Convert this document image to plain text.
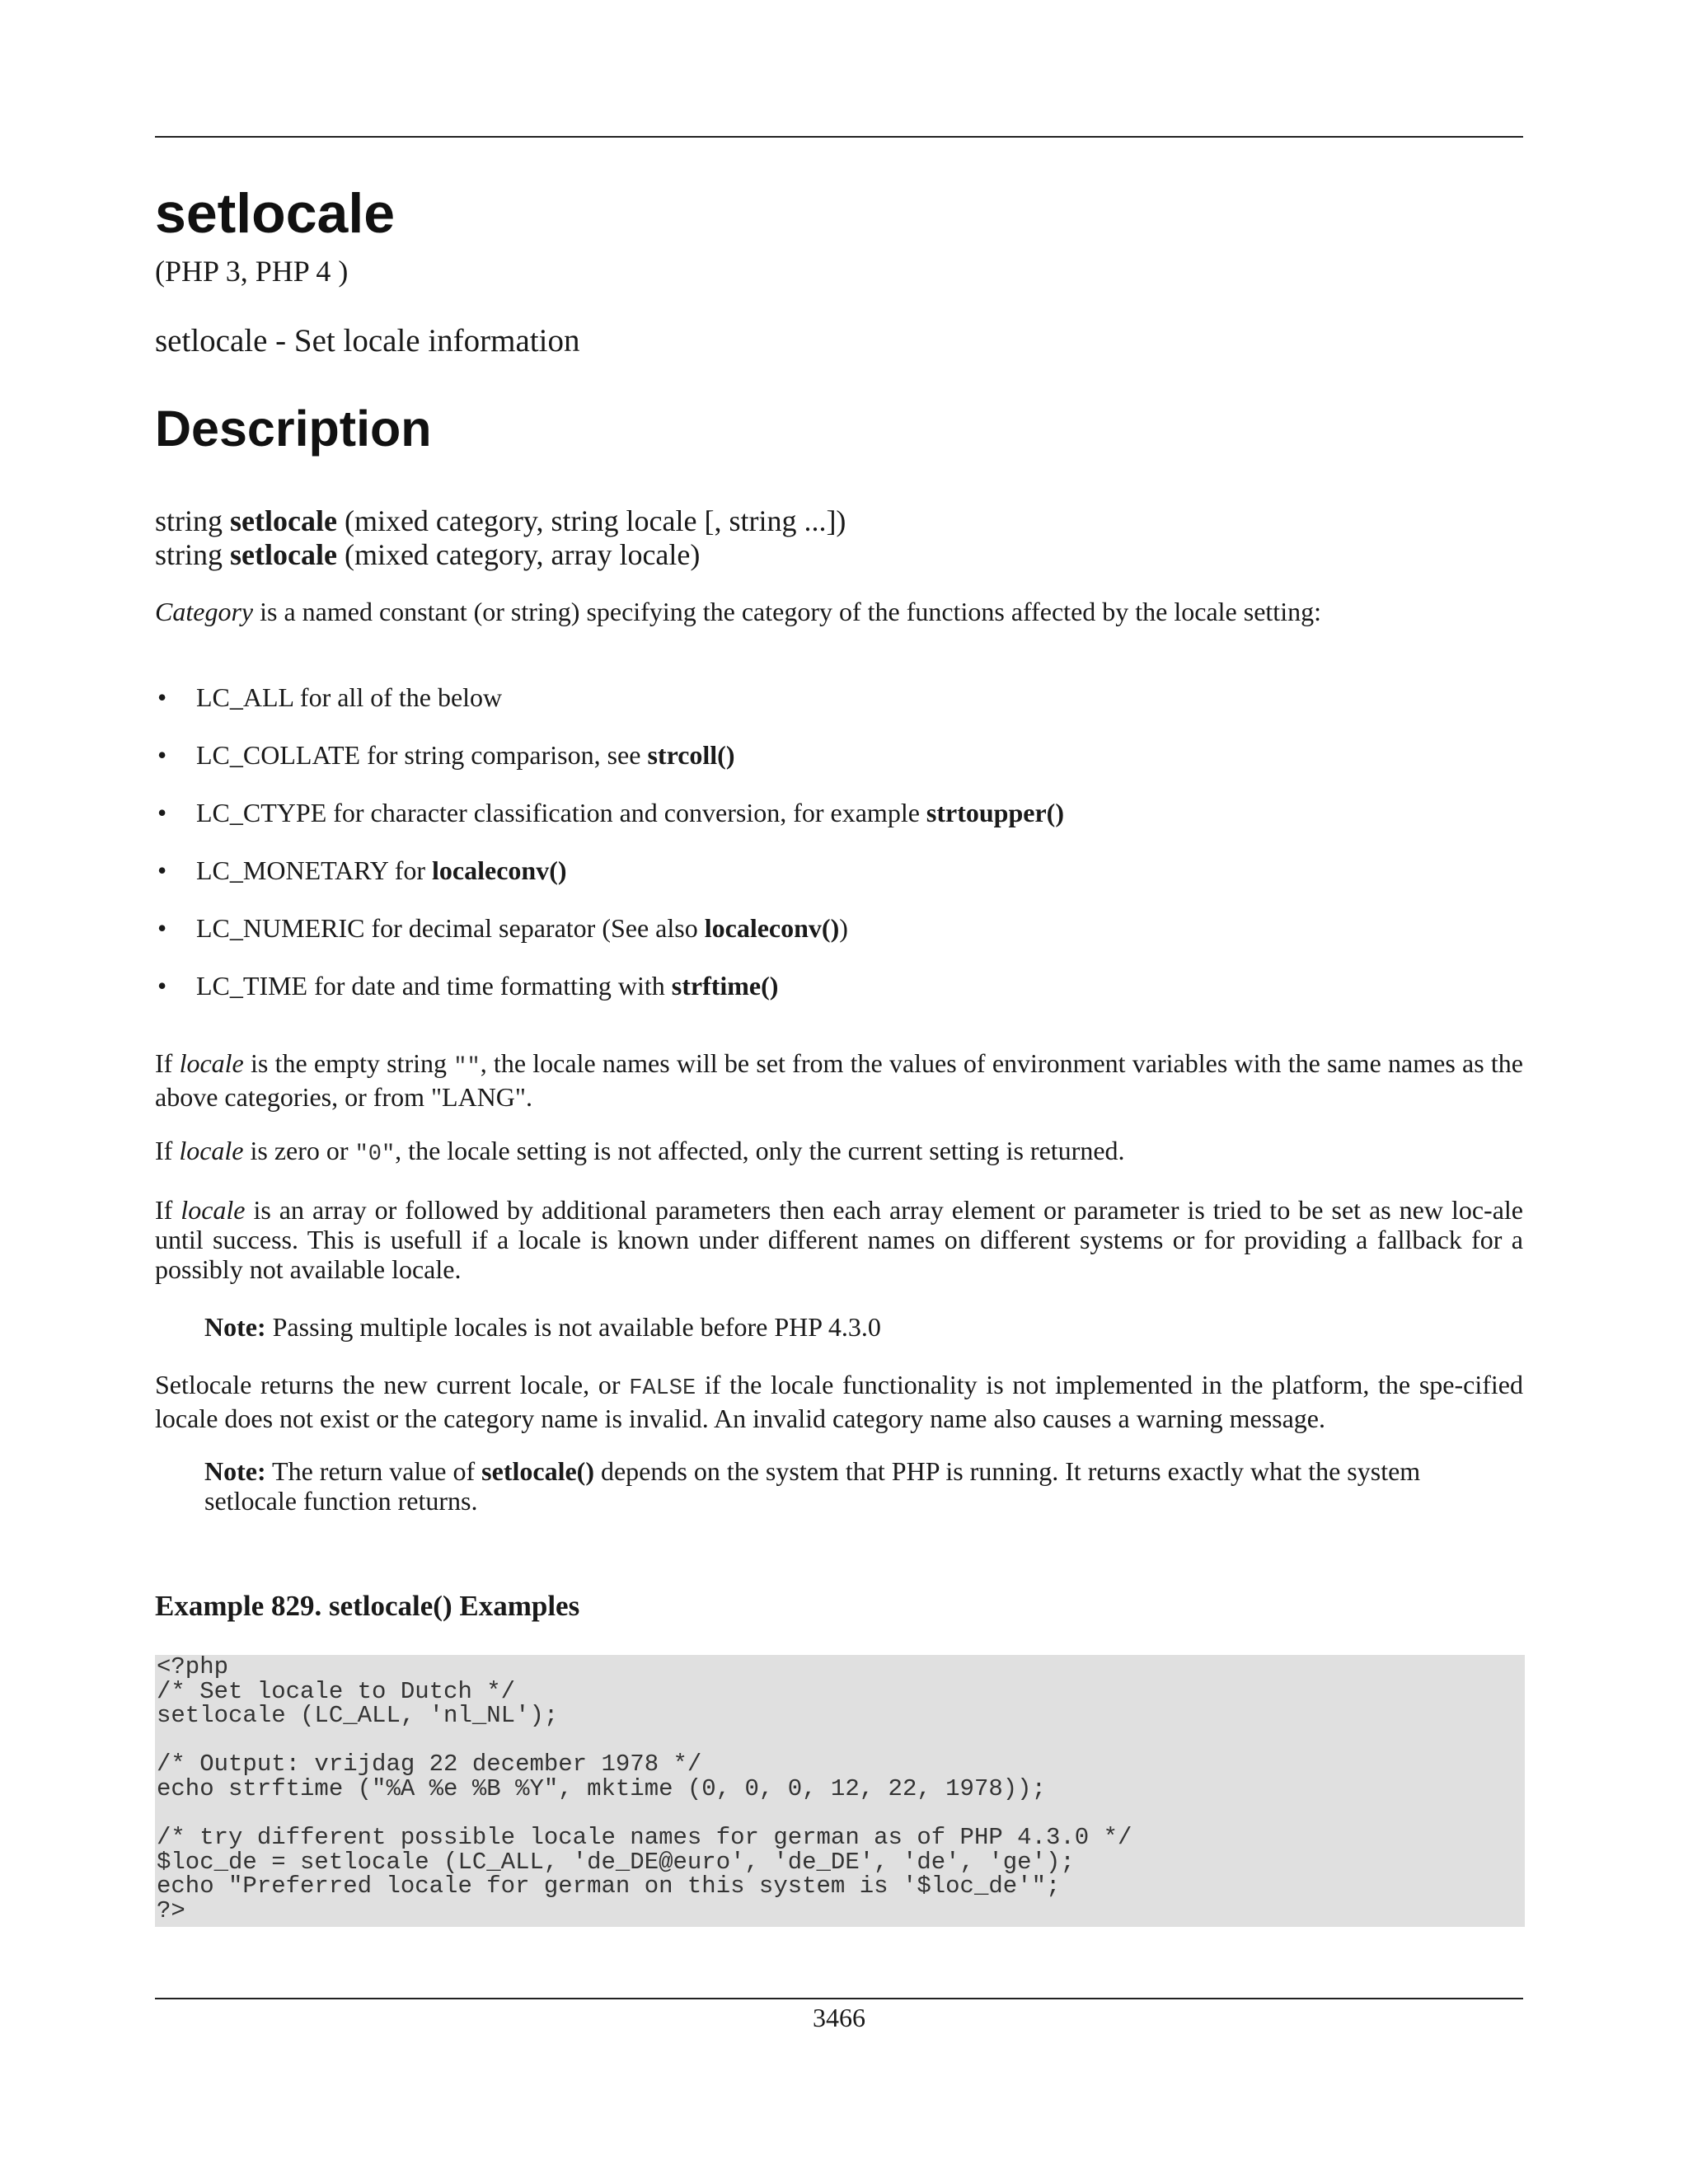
setlocale
(PHP 3, PHP 4 )
setlocale - Set locale information
Description
string setlocale (mixed category, string locale [, string ...])
string setlocale (mixed category, array locale)
Category is a named constant (or string) specifying the category of the functions affected by the locale setting:
• LC_ALL for all of the below
• LC_COLLATE for string comparison, see strcoll()
• LC_CTYPE for character classification and conversion, for example strtoupper()
• LC_MONETARY for localeconv()
• LC_NUMERIC for decimal separator (See also localeconv())
• LC_TIME for date and time formatting with strftime()
If locale is the empty string "", the locale names will be set from the values of environment variables with the same names as the above categories, or from "LANG".
If locale is zero or "0", the locale setting is not affected, only the current setting is returned.
If locale is an array or followed by additional parameters then each array element or parameter is tried to be set as new loc-ale until success. This is usefull if a locale is known under different names on different systems or for providing a fallback for a possibly not available locale.
Note: Passing multiple locales is not available before PHP 4.3.0
Setlocale returns the new current locale, or FALSE if the locale functionality is not implemented in the platform, the spe-cified locale does not exist or the category name is invalid. An invalid category name also causes a warning message.
Note: The return value of setlocale() depends on the system that PHP is running. It returns exactly what the system setlocale function returns.
Example 829. setlocale() Examples
<?php
/* Set locale to Dutch */
setlocale (LC_ALL, 'nl_NL');
/* Output: vrijdag 22 december 1978 */
echo strftime ("%A %e %B %Y", mktime (0, 0, 0, 12, 22, 1978));
/* try different possible locale names for german as of PHP 4.3.0 */
$loc_de = setlocale (LC_ALL, 'de_DE@euro', 'de_DE', 'de', 'ge');
echo "Preferred locale for german on this system is '$loc_de'";
?>
3466
